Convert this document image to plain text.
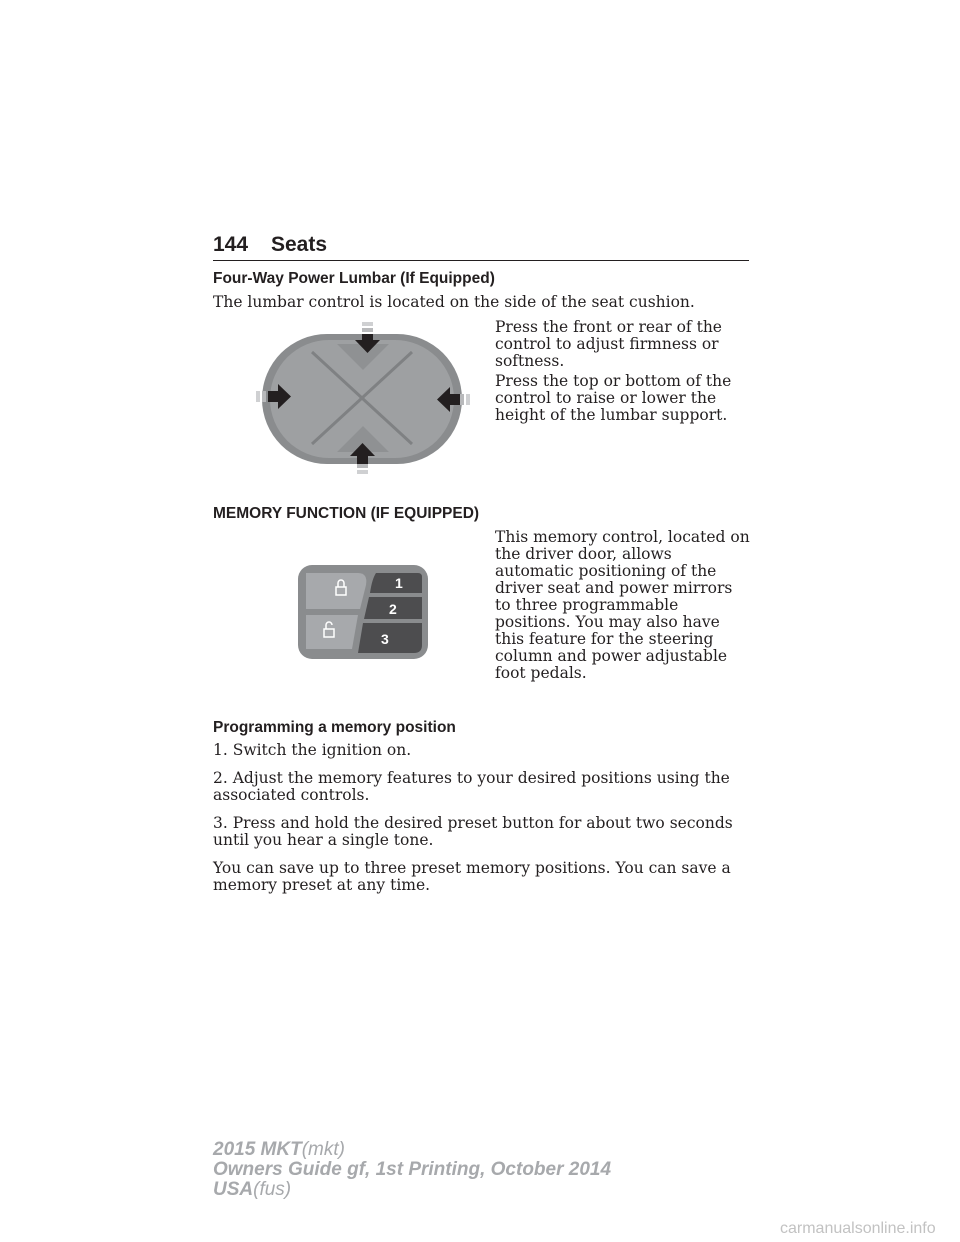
144 Seats
Four-Way Power Lumbar (If Equipped)

The lumbar control is located on the side of the seat cushion.

Press the front or rear of the control to adjust firmness or softness.

Press the top or bottom of the control to raise or lower the height of the lumbar support.

MEMORY FUNCTION (IF EQUIPPED)
1
2
3

This memory control, located on the driver door, allows automatic positioning of the driver seat and power mirrors to three programmable positions. You may also have this feature for the steering column and power adjustable foot pedals.

Programming a memory position

1. Switch the ignition on.

2. Adjust the memory features to your desired positions using the associated controls.

3. Press and hold the desired preset button for about two seconds until you hear a single tone.

You can save up to three preset memory positions. You can save a memory preset at any time.

2015 MKT(mkt)
Owners Guide gf, 1st Printing, October 2014
USA(fus)
carmanualsonline.info
